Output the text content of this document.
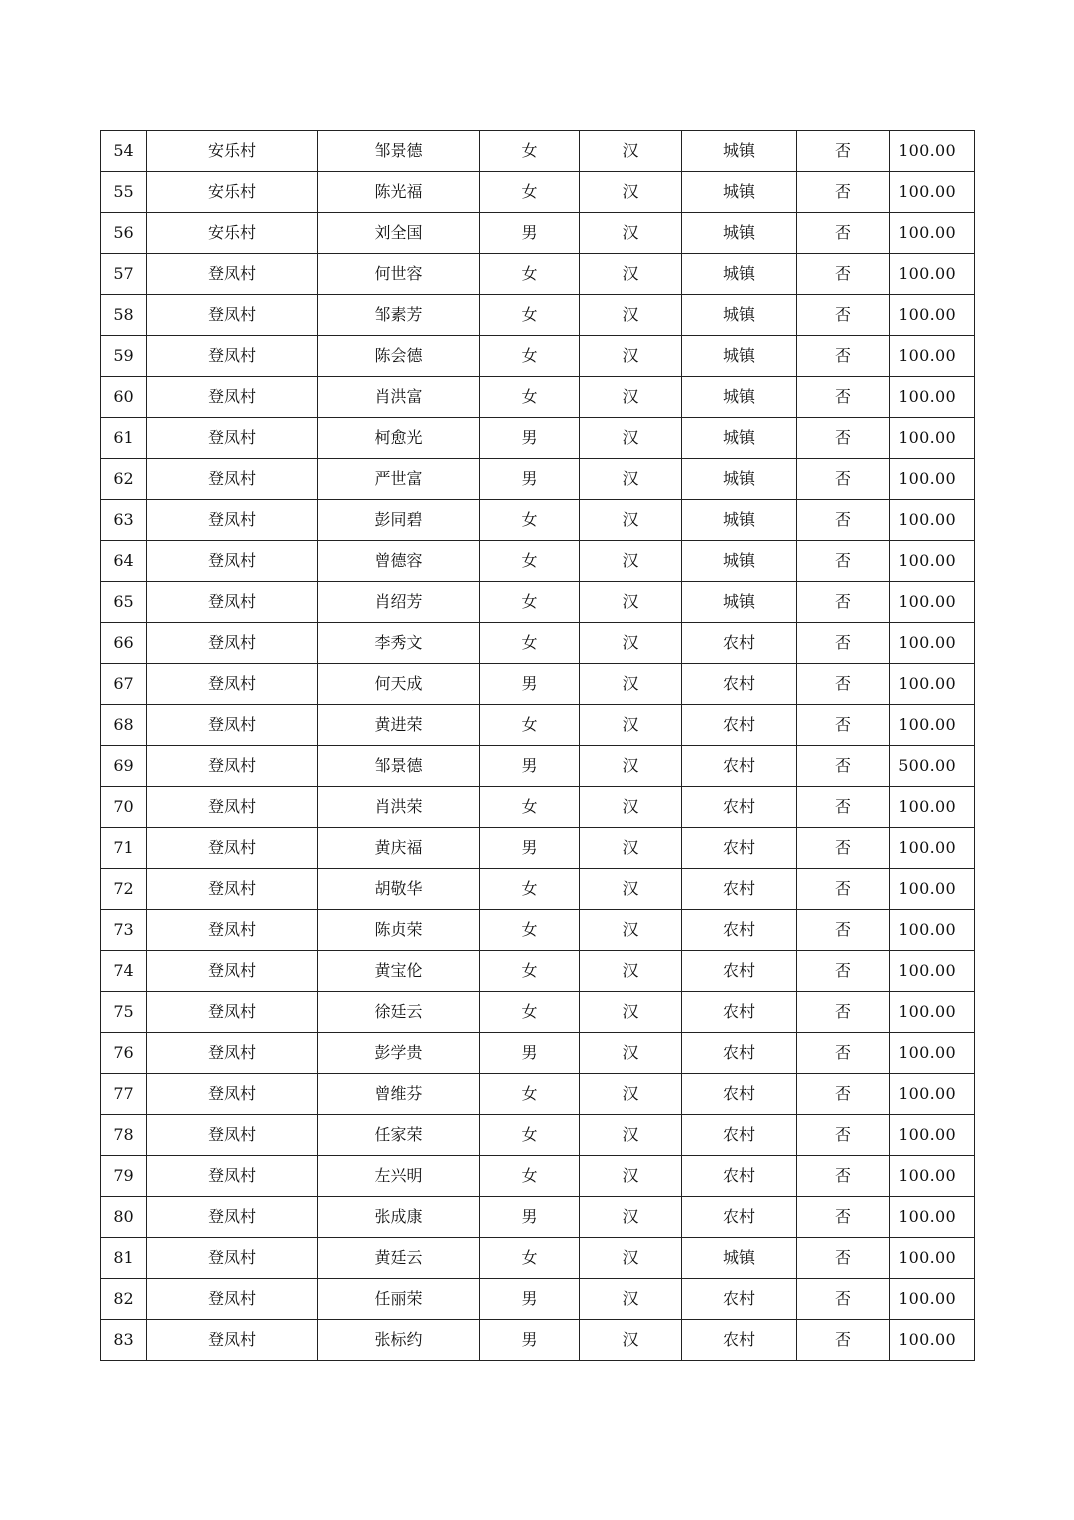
54	安乐村	邹景德	女	汉	城镇	否	100.00
55	安乐村	陈光福	女	汉	城镇	否	100.00
56	安乐村	刘全国	男	汉	城镇	否	100.00
57	登凤村	何世容	女	汉	城镇	否	100.00
58	登凤村	邹素芳	女	汉	城镇	否	100.00
59	登凤村	陈会德	女	汉	城镇	否	100.00
60	登凤村	肖洪富	女	汉	城镇	否	100.00
61	登凤村	柯愈光	男	汉	城镇	否	100.00
62	登凤村	严世富	男	汉	城镇	否	100.00
63	登凤村	彭同碧	女	汉	城镇	否	100.00
64	登凤村	曾德容	女	汉	城镇	否	100.00
65	登凤村	肖绍芳	女	汉	城镇	否	100.00
66	登凤村	李秀文	女	汉	农村	否	100.00
67	登凤村	何天成	男	汉	农村	否	100.00
68	登凤村	黄进荣	女	汉	农村	否	100.00
69	登凤村	邹景德	男	汉	农村	否	500.00
70	登凤村	肖洪荣	女	汉	农村	否	100.00
71	登凤村	黄庆福	男	汉	农村	否	100.00
72	登凤村	胡敬华	女	汉	农村	否	100.00
73	登凤村	陈贞荣	女	汉	农村	否	100.00
74	登凤村	黄宝伦	女	汉	农村	否	100.00
75	登凤村	徐廷云	女	汉	农村	否	100.00
76	登凤村	彭学贵	男	汉	农村	否	100.00
77	登凤村	曾维芬	女	汉	农村	否	100.00
78	登凤村	任家荣	女	汉	农村	否	100.00
79	登凤村	左兴明	女	汉	农村	否	100.00
80	登凤村	张成康	男	汉	农村	否	100.00
81	登凤村	黄廷云	女	汉	城镇	否	100.00
82	登凤村	任丽荣	男	汉	农村	否	100.00
83	登凤村	张标约	男	汉	农村	否	100.00
